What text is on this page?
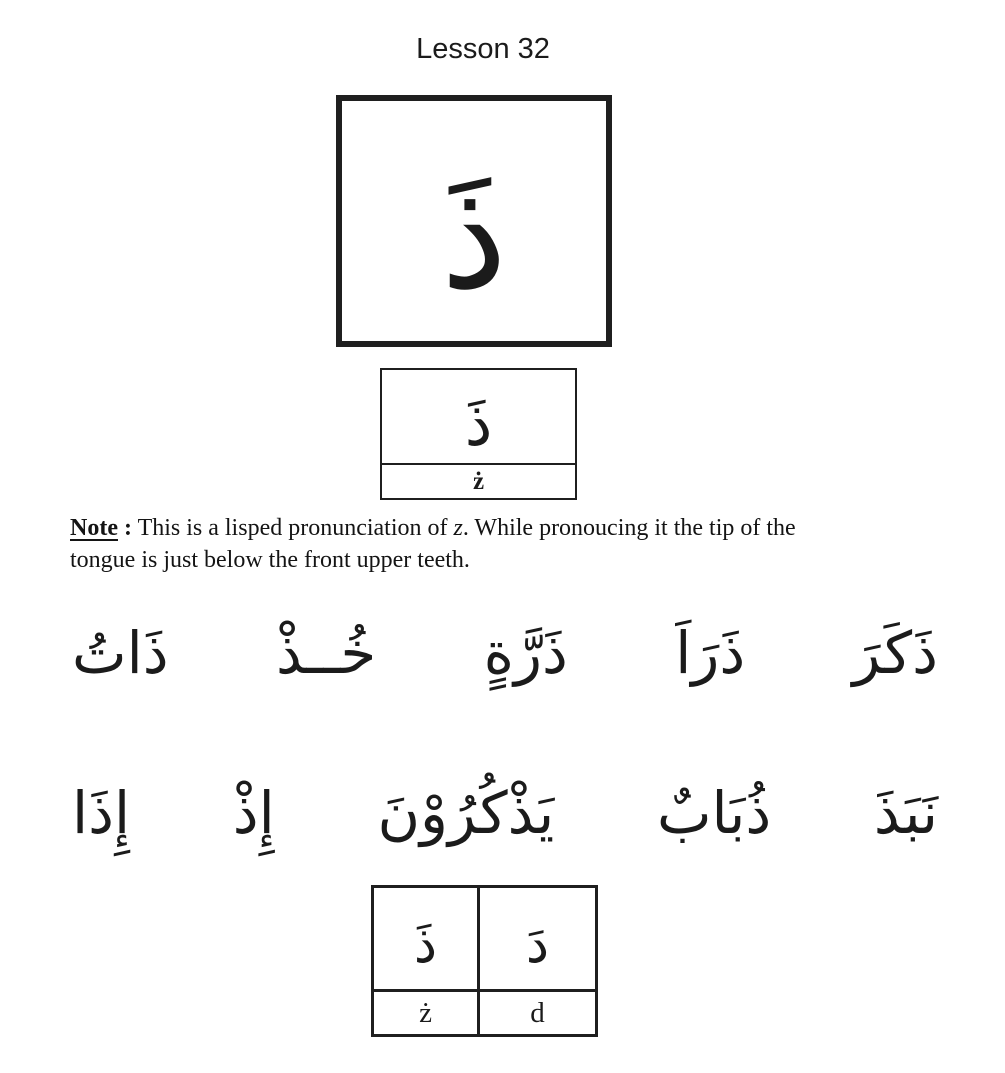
Lesson 32
ذَ
ذَ
ż

Note : This is a lisped pronunciation of z. While pronoucing it the tip of the
tongue is just below the front upper teeth.

ذَكَرَ
ذَرَاَ
ذَرَّةٍ
خُــذْ
ذَاتُ
نَبَذَ
ذُبَابٌ
يَذْكُرُوْنَ
إِذْ
إِذَا
ذَ دَ
ż	d
